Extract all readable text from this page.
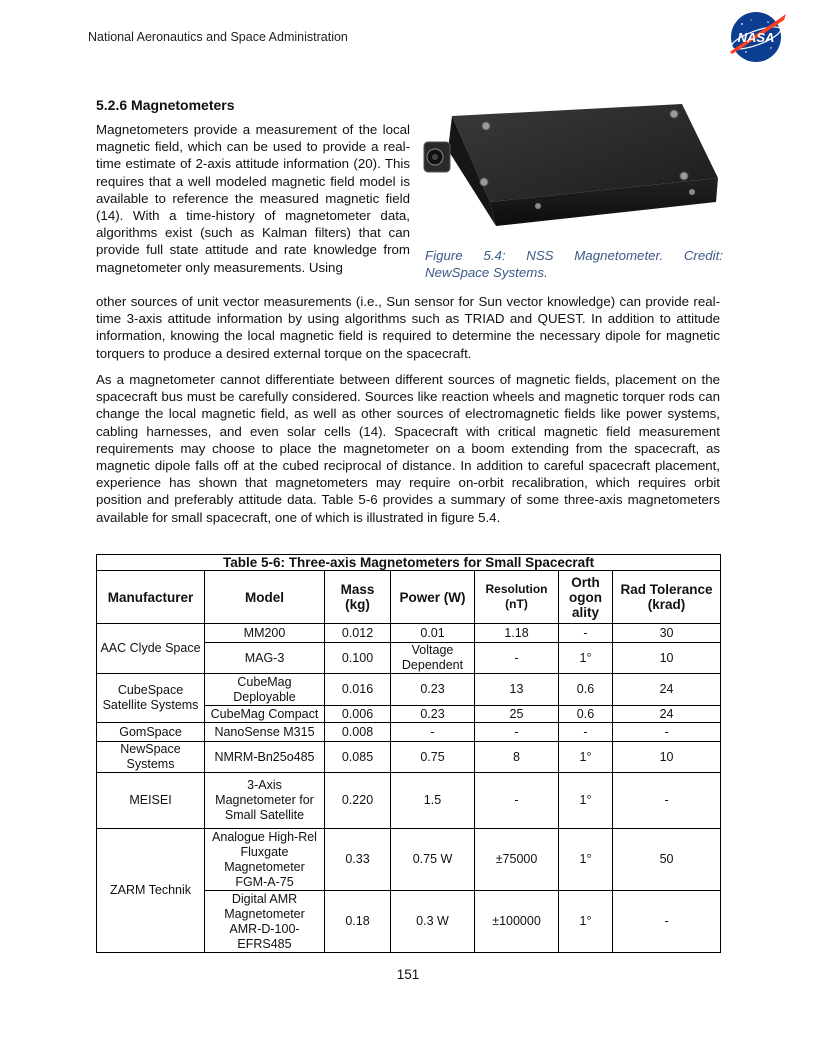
National Aeronautics and Space Administration	NASA
5.2.6 Magnetometers
Magnetometers provide a measurement of the local magnetic field, which can be used to provide a real-time estimate of 2-axis attitude information (20). This requires that a well modeled magnetic field model is available to reference the measured magnetic field (14). With a time-history of magnetometer data, algorithms exist (such as Kalman filters) that can provide full state attitude and rate knowledge from magnetometer only measurements. Using
Figure 5.4: NSS Magnetometer. Credit: NewSpace Systems.
other sources of unit vector measurements (i.e., Sun sensor for Sun vector knowledge) can provide real-time 3-axis attitude information by using algorithms such as TRIAD and QUEST. In addition to attitude information, knowing the local magnetic field is required to determine the necessary dipole for magnetic torquers to produce a desired external torque on the spacecraft.
As a magnetometer cannot differentiate between different sources of magnetic fields, placement on the spacecraft bus must be carefully considered. Sources like reaction wheels and magnetic torquer rods can change the local magnetic field, as well as other sources of electromagnetic fields like power systems, cabling harnesses, and even solar cells (14). Spacecraft with critical magnetic field measurement requirements may choose to place the magnetometer on a boom extending from the spacecraft, as magnetic dipole falls off at the cubed reciprocal of distance. In addition to careful spacecraft placement, experience has shown that magnetometers may require on-orbit recalibration, which requires orbit position and preferably attitude data. Table 5-6 provides a summary of some three-axis magnetometers available for small spacecraft, one of which is illustrated in figure 5.4.
Table 5-6: Three-axis Magnetometers for Small Spacecraft						
Manufacturer	Model	Mass (kg)	Power (W)	Resolution (nT)	Orth ogon ality	Rad Tolerance (krad)
AAC Clyde Space	MM200	0.012	0.01	1.18	-	30
	MAG-3	0.100	Voltage Dependent	-	1°	10
CubeSpace Satellite Systems	CubeMag Deployable	0.016	0.23	13	0.6	24
	CubeMag Compact	0.006	0.23	25	0.6	24
GomSpace	NanoSense M315	0.008	-	-	-	-
NewSpace Systems	NMRM-Bn25o485	0.085	0.75	8	1°	10
MEISEI	3-Axis Magnetometer for Small Satellite	0.220	1.5	-	1°	-
ZARM Technik	Analogue High-Rel Fluxgate Magnetometer FGM-A-75	0.33	0.75 W	±75000	1°	50
	Digital AMR Magnetometer AMR-D-100-EFRS485	0.18	0.3 W	±100000	1°	-
151
